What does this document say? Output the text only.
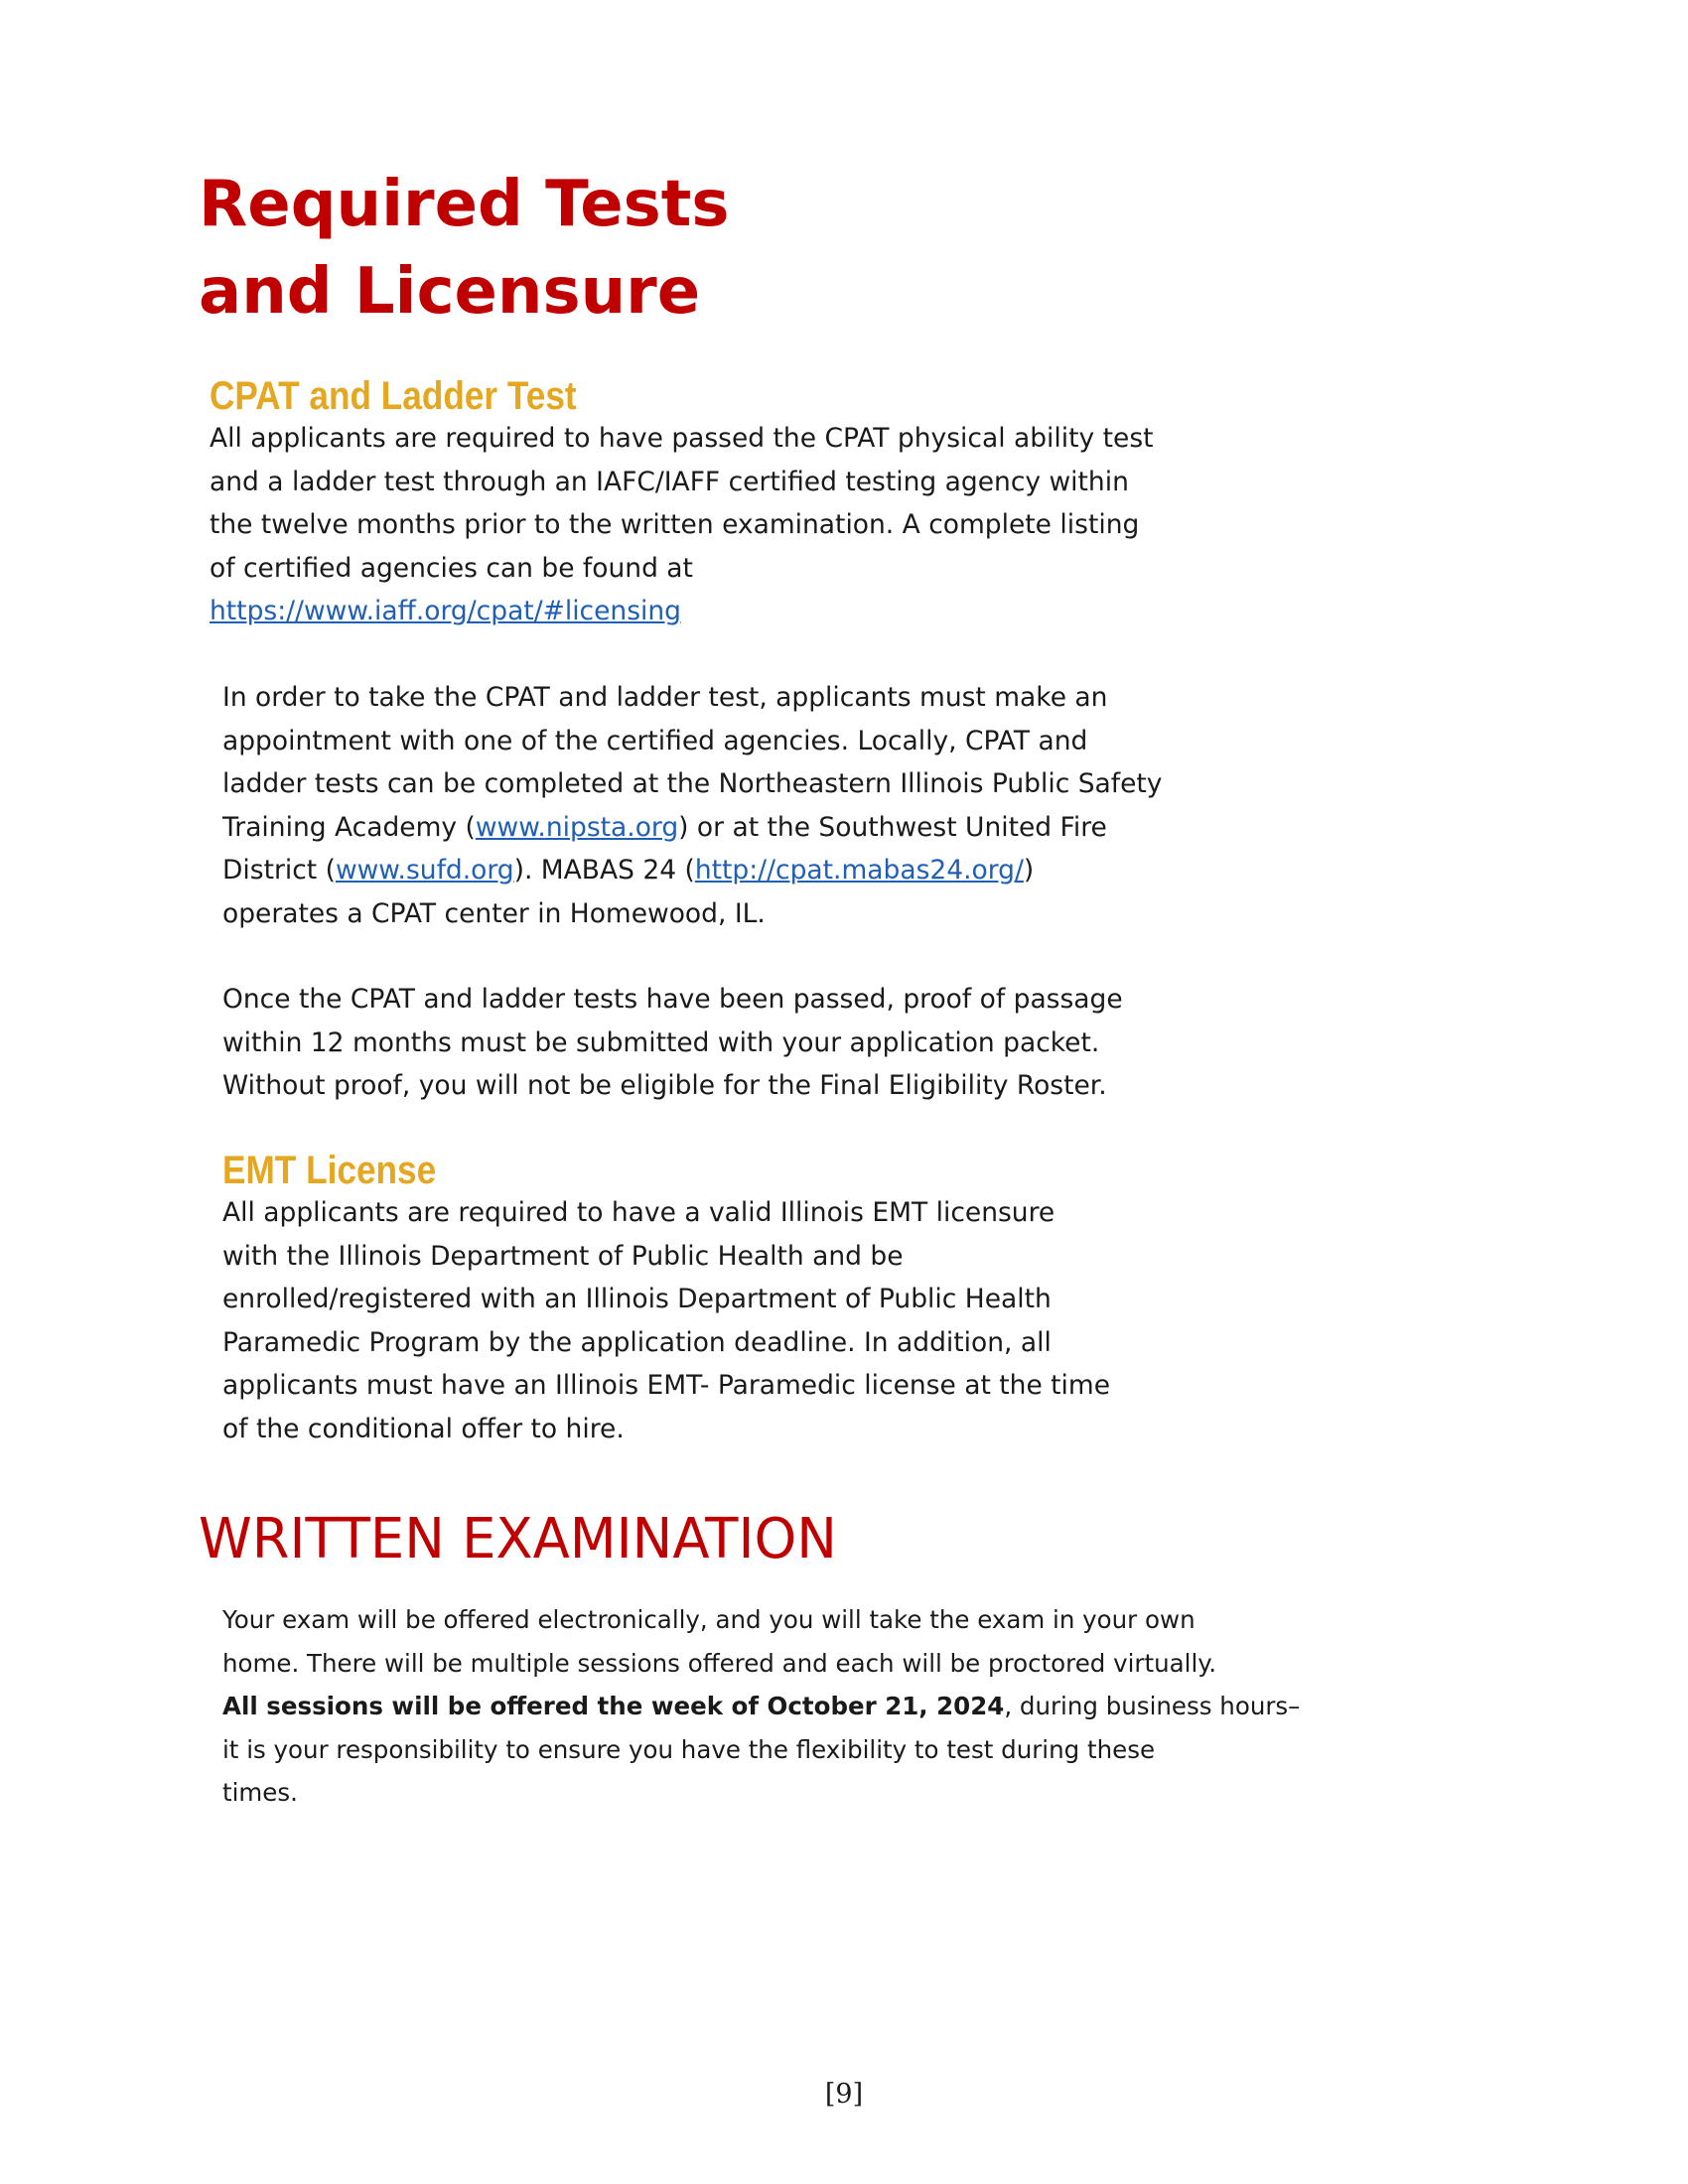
Required Tests
and Licensure
CPAT and Ladder Test

All applicants are required to have passed the CPAT physical ability test
and a ladder test through an IAFC/IAFF certified testing agency within
the twelve months prior to the written examination. A complete listing
of certified agencies can be found at
https://www.iaff.org/cpat/#licensing

In order to take the CPAT and ladder test, applicants must make an
appointment with one of the certified agencies. Locally, CPAT and
ladder tests can be completed at the Northeastern Illinois Public Safety
Training Academy (www.nipsta.org) or at the Southwest United Fire
District (www.sufd.org). MABAS 24 (http://cpat.mabas24.org/)
operates a CPAT center in Homewood, IL.

Once the CPAT and ladder tests have been passed, proof of passage
within 12 months must be submitted with your application packet.
Without proof, you will not be eligible for the Final Eligibility Roster.

EMT License

All applicants are required to have a valid Illinois EMT licensure
with the Illinois Department of Public Health and be
enrolled/registered with an Illinois Department of Public Health
Paramedic Program by the application deadline. In addition, all
applicants must have an Illinois EMT- Paramedic license at the time
of the conditional offer to hire.

WRITTEN EXAMINATION

Your exam will be offered electronically, and you will take the exam in your own
home. There will be multiple sessions offered and each will be proctored virtually.
All sessions will be offered the week of October 21, 2024, during business hours–
it is your responsibility to ensure you have the flexibility to test during these
times.

[9]
